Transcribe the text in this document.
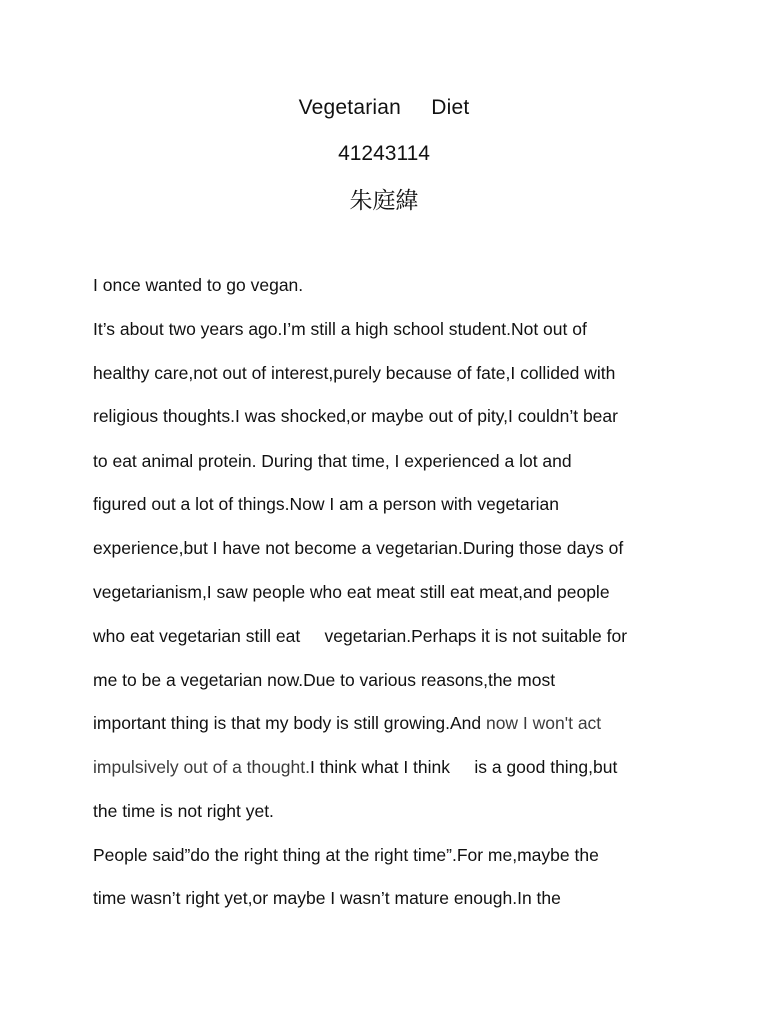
Vegetarian     Diet
41243114
朱庭緯
I once wanted to go vegan.
It’s about two years ago.I’m still a high school student.Not out of
healthy care,not out of interest,purely because of fate,I collided with
religious thoughts.I was shocked,or maybe out of pity,I couldn’t bear
to eat animal protein. During that time, I experienced a lot and
figured out a lot of things.Now I am a person with vegetarian
experience,but I have not become a vegetarian.During those days of
vegetarianism,I saw people who eat meat still eat meat,and people
who eat vegetarian still eat     vegetarian.Perhaps it is not suitable for
me to be a vegetarian now.Due to various reasons,the most
important thing is that my body is still growing.And now I won't act
impulsively out of a thought.I think what I think     is a good thing,but
the time is not right yet.
People said”do the right thing at the right time”.For me,maybe the
time wasn’t right yet,or maybe I wasn’t mature enough.In the
